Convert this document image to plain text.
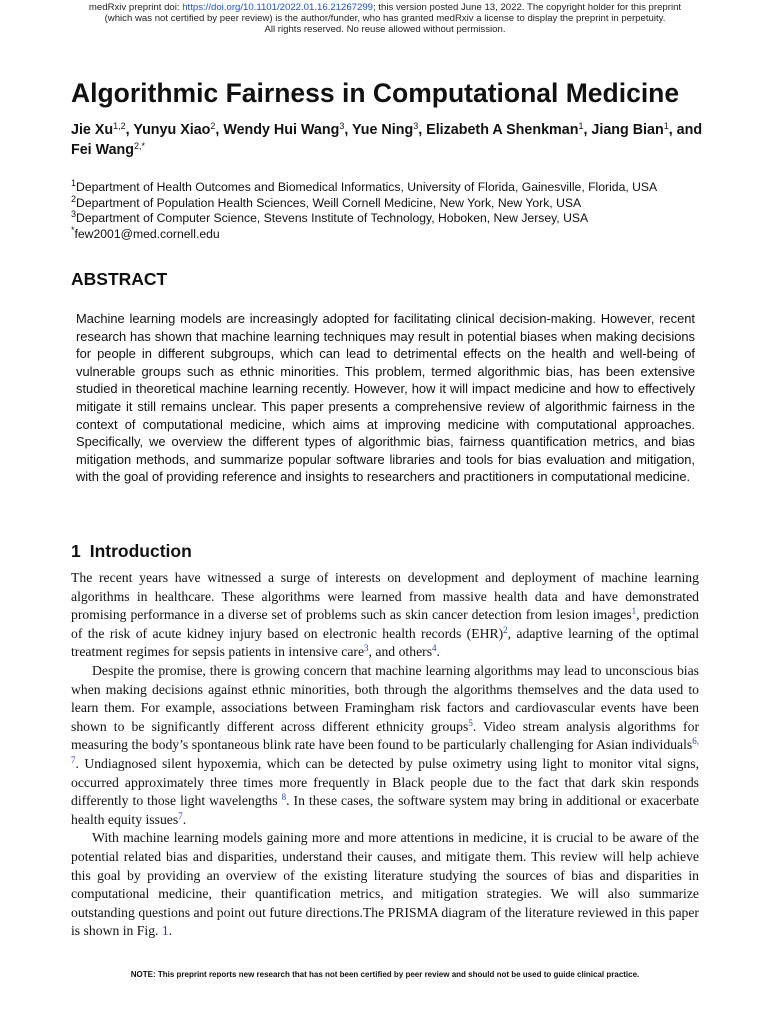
medRxiv preprint doi: https://doi.org/10.1101/2022.01.16.21267299; this version posted June 13, 2022. The copyright holder for this preprint
(which was not certified by peer review) is the author/funder, who has granted medRxiv a license to display the preprint in perpetuity.
All rights reserved. No reuse allowed without permission.
Algorithmic Fairness in Computational Medicine

Jie Xu$^{1,2}$, Yunyu Xiao$^2$, Wendy Hui Wang$^3$, Yue Ning$^3$, Elizabeth A Shenkman$^1$, Jiang Bian$^1$, and Fei Wang$^{2,*}$

$^1$Department of Health Outcomes and Biomedical Informatics, University of Florida, Gainesville, Florida, USA
$^2$Department of Population Health Sciences, Weill Cornell Medicine, New York, New York, USA
$^3$Department of Computer Science, Stevens Institute of Technology, Hoboken, New Jersey, USA
*few2001@med.cornell.edu
ABSTRACT

Machine learning models are increasingly adopted for facilitating clinical decision-making. However, recent research has shown that machine learning techniques may result in potential biases when making decisions for people in different subgroups, which can lead to detrimental effects on the health and well-being of vulnerable groups such as ethnic minorities. This problem, termed algorithmic bias, has been extensive studied in theoretical machine learning recently. However, how it will impact medicine and how to effectively mitigate it still remains unclear. This paper presents a comprehensive review of algorithmic fairness in the context of computational medicine, which aims at improving medicine with computational approaches. Specifically, we overview the different types of algorithmic bias, fairness quantification metrics, and bias mitigation methods, and summarize popular software libraries and tools for bias evaluation and mitigation, with the goal of providing reference and insights to researchers and practitioners in computational medicine.

1 Introduction

The recent years have witnessed a surge of interests on development and deployment of machine learning algorithms in healthcare. These algorithms were learned from massive health data and have demonstrated promising performance in a diverse set of problems such as skin cancer detection from lesion images$^1$, prediction of the risk of acute kidney injury based on electronic health records (EHR)$^2$, adaptive learning of the optimal treatment regimes for sepsis patients in intensive care$^3$, and others$^4$.

Despite the promise, there is growing concern that machine learning algorithms may lead to unconscious bias when making decisions against ethnic minorities, both through the algorithms themselves and the data used to learn them. For example, associations between Framingham risk factors and cardiovascular events have been shown to be significantly different across different ethnicity groups$^5$. Video stream analysis algorithms for measuring the body’s spontaneous blink rate have been found to be particularly challenging for Asian individuals$^{6, 7}$. Undiagnosed silent hypoxemia, which can be detected by pulse oximetry using light to monitor vital signs, occurred approximately three times more frequently in Black people due to the fact that dark skin responds differently to those light wavelengths $^8$. In these cases, the software system may bring in additional or exacerbate health equity issues$^7$.

With machine learning models gaining more and more attentions in medicine, it is crucial to be aware of the potential related bias and disparities, understand their causes, and mitigate them. This review will help achieve this goal by providing an overview of the existing literature studying the sources of bias and disparities in computational medicine, their quantification metrics, and mitigation strategies. We will also summarize outstanding questions and point out future directions.The PRISMA diagram of the literature reviewed in this paper is shown in Fig. 1.

NOTE: This preprint reports new research that has not been certified by peer review and should not be used to guide clinical practice.
